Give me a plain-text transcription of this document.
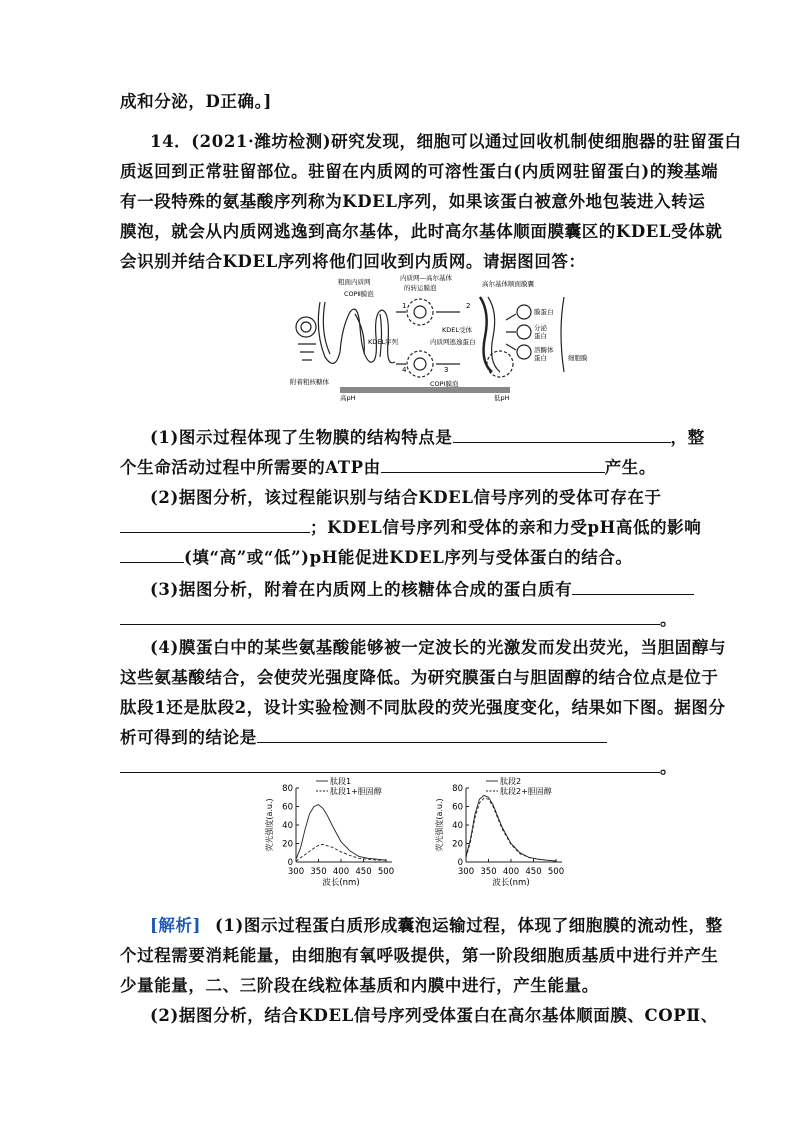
成和分泌，D正确。]
14．(2021·潍坊检测)研究发现，细胞可以通过回收机制使细胞器的驻留蛋白
质返回到正常驻留部位。驻留在内质网的可溶性蛋白(内质网驻留蛋白)的羧基端
有一段特殊的氨基酸序列称为KDEL序列，如果该蛋白被意外地包装进入转运
膜泡，就会从内质网逃逸到高尔基体，此时高尔基体顺面膜囊区的KDEL受体就
会识别并结合KDEL序列将他们回收到内质网。请据图回答：
粗面内质网
COPⅡ膜泡
内质网—高尔基体
的转运膜泡	高尔基体顺面膜囊
KDEL受体
内质网逃逸蛋白
KDEL序列
COPⅠ膜泡
附着粗核糖体
高pH	低pH
1	2
3
4
膜蛋白
分泌
蛋白
溶酶体
蛋白	细胞膜
(1)图示过程体现了生物膜的结构特点是	，整
个生命活动过程中所需要的ATP由	产生。
(2)据图分析，该过程能识别与结合KDEL信号序列的受体可存在于
；KDEL信号序列和受体的亲和力受pH高低的影响
(填“高”或“低”)pH能促进KDEL序列与受体蛋白的结合。
(3)据图分析，附着在内质网上的核糖体合成的蛋白质有
。
(4)膜蛋白中的某些氨基酸能够被一定波长的光激发而发出荧光，当胆固醇与
这些氨基酸结合，会使荧光强度降低。为研究膜蛋白与胆固醇的结合位点是位于
肽段1还是肽段2，设计实验检测不同肽段的荧光强度变化，结果如下图。据图分
析可得到的结论是
。
0
20
40
60
80
300 350 400 450 500
波长(nm)
荧光强度(a.u.)
肽段1
肽段1+胆固醇
0
20
40
60
80
300 350 400 450 500
波长(nm)
荧光强度(a.u.)
肽段2
肽段2+胆固醇
[解析] (1)图示过程蛋白质形成囊泡运输过程，体现了细胞膜的流动性，整
个过程需要消耗能量，由细胞有氧呼吸提供，第一阶段细胞质基质中进行并产生
少量能量，二、三阶段在线粒体基质和内膜中进行，产生能量。
(2)据图分析，结合KDEL信号序列受体蛋白在高尔基体顺面膜、COPⅡ、
